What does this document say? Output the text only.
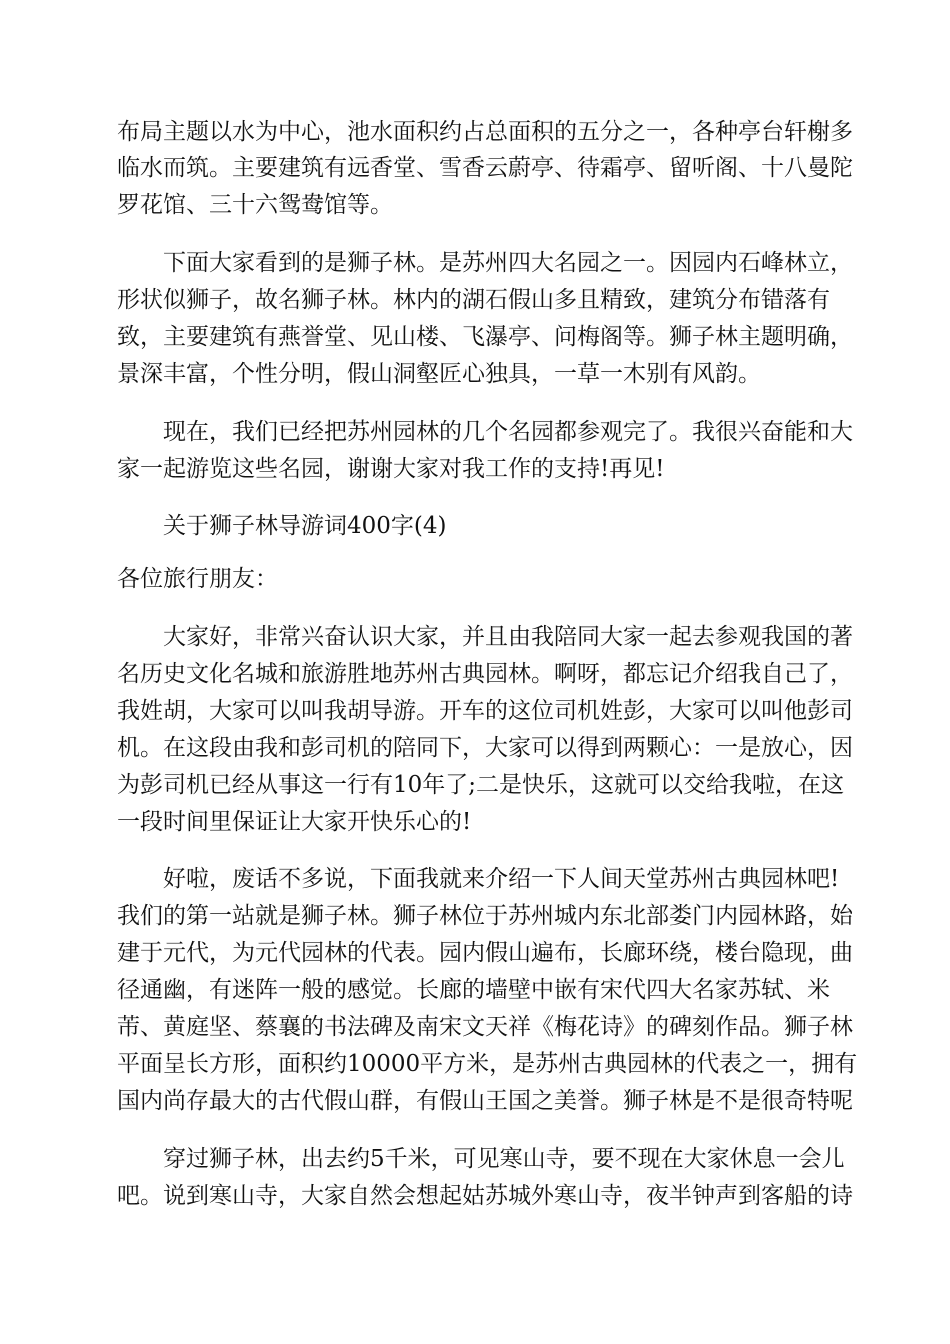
布局主题以水为中心，池水面积约占总面积的五分之一，各种亭台轩榭多

临水而筑。主要建筑有远香堂、雪香云蔚亭、待霜亭、留听阁、十八曼陀

罗花馆、三十六鸳鸯馆等。

下面大家看到的是狮子林。是苏州四大名园之一。因园内石峰林立，

形状似狮子，故名狮子林。林内的湖石假山多且精致，建筑分布错落有

致，主要建筑有燕誉堂、见山楼、飞瀑亭、问梅阁等。狮子林主题明确，

景深丰富，个性分明，假山洞壑匠心独具，一草一木别有风韵。

现在，我们已经把苏州园林的几个名园都参观完了。我很兴奋能和大

家一起游览这些名园，谢谢大家对我工作的支持!再见!

关于狮子林导游词400字(4)

各位旅行朋友：

大家好，非常兴奋认识大家，并且由我陪同大家一起去参观我国的著

名历史文化名城和旅游胜地苏州古典园林。啊呀，都忘记介绍我自己了，

我姓胡，大家可以叫我胡导游。开车的这位司机姓彭，大家可以叫他彭司

机。在这段由我和彭司机的陪同下，大家可以得到两颗心：一是放心，因

为彭司机已经从事这一行有10年了;二是快乐，这就可以交给我啦，在这

一段时间里保证让大家开快乐心的!

好啦，废话不多说，下面我就来介绍一下人间天堂苏州古典园林吧!

我们的第一站就是狮子林。狮子林位于苏州城内东北部娄门内园林路，始

建于元代，为元代园林的代表。园内假山遍布，长廊环绕，楼台隐现，曲

径通幽，有迷阵一般的感觉。长廊的墙壁中嵌有宋代四大名家苏轼、米

芾、黄庭坚、蔡襄的书法碑及南宋文天祥《梅花诗》的碑刻作品。狮子林

平面呈长方形，面积约10000平方米，是苏州古典园林的代表之一，拥有

国内尚存最大的古代假山群，有假山王国之美誉。狮子林是不是很奇特呢

穿过狮子林，出去约5千米，可见寒山寺，要不现在大家休息一会儿

吧。说到寒山寺，大家自然会想起姑苏城外寒山寺，夜半钟声到客船的诗
